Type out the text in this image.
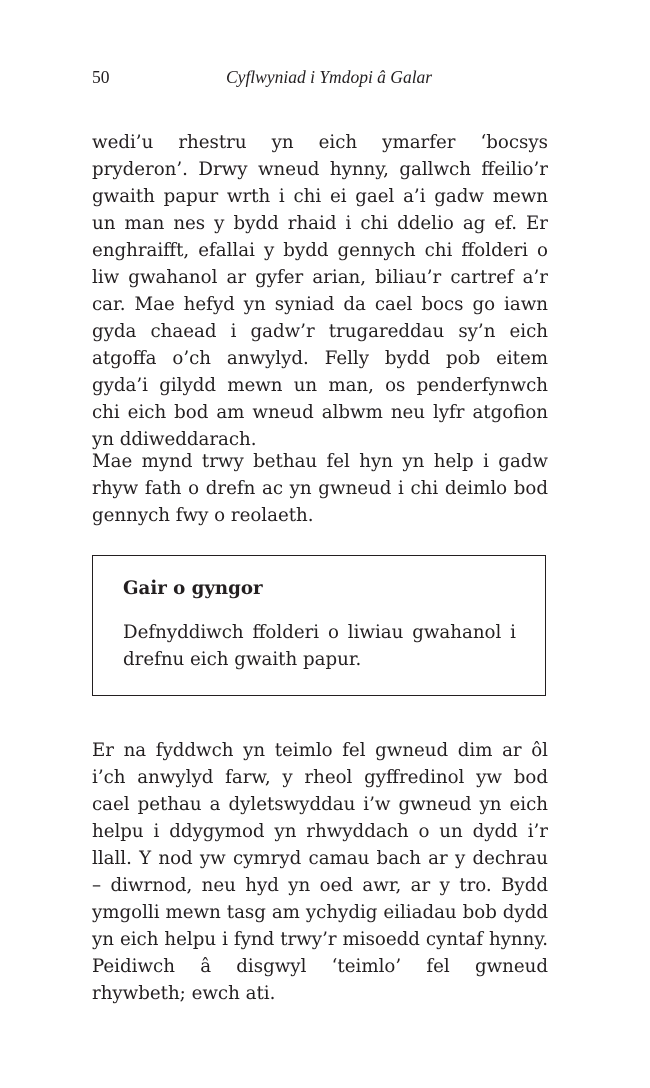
50	Cyflwyniad i Ymdopi â Galar

wedi’u rhestru yn eich ymarfer ‘bocsys pryderon’. Drwy wneud hynny, gallwch ffeilio’r gwaith papur wrth i chi ei gael a’i gadw mewn un man nes y bydd rhaid i chi ddelio ag ef. Er enghraifft, efallai y bydd gennych chi ffolderi o liw gwahanol ar gyfer arian, biliau’r cartref a’r car. Mae hefyd yn syniad da cael bocs go iawn gyda chaead i gadw’r trugareddau sy’n eich atgoffa o’ch anwylyd. Felly bydd pob eitem gyda’i gilydd mewn un man, os penderfynwch chi eich bod am wneud albwm neu lyfr atgofion yn ddiweddarach.

Mae mynd trwy bethau fel hyn yn help i gadw rhyw fath o drefn ac yn gwneud i chi deimlo bod gennych fwy o reolaeth.

Gair o gyngor

Defnyddiwch ffolderi o liwiau gwahanol i drefnu eich gwaith papur.

Er na fyddwch yn teimlo fel gwneud dim ar ôl i’ch anwylyd farw, y rheol gyffredinol yw bod cael pethau a dyletswyddau i’w gwneud yn eich helpu i ddygymod yn rhwyddach o un dydd i’r llall. Y nod yw cymryd camau bach ar y dechrau – diwrnod, neu hyd yn oed awr, ar y tro. Bydd ymgolli mewn tasg am ychydig eiliadau bob dydd yn eich helpu i fynd trwy’r misoedd cyntaf hynny. Peidiwch â disgwyl ‘teimlo’ fel gwneud rhywbeth; ewch ati.
